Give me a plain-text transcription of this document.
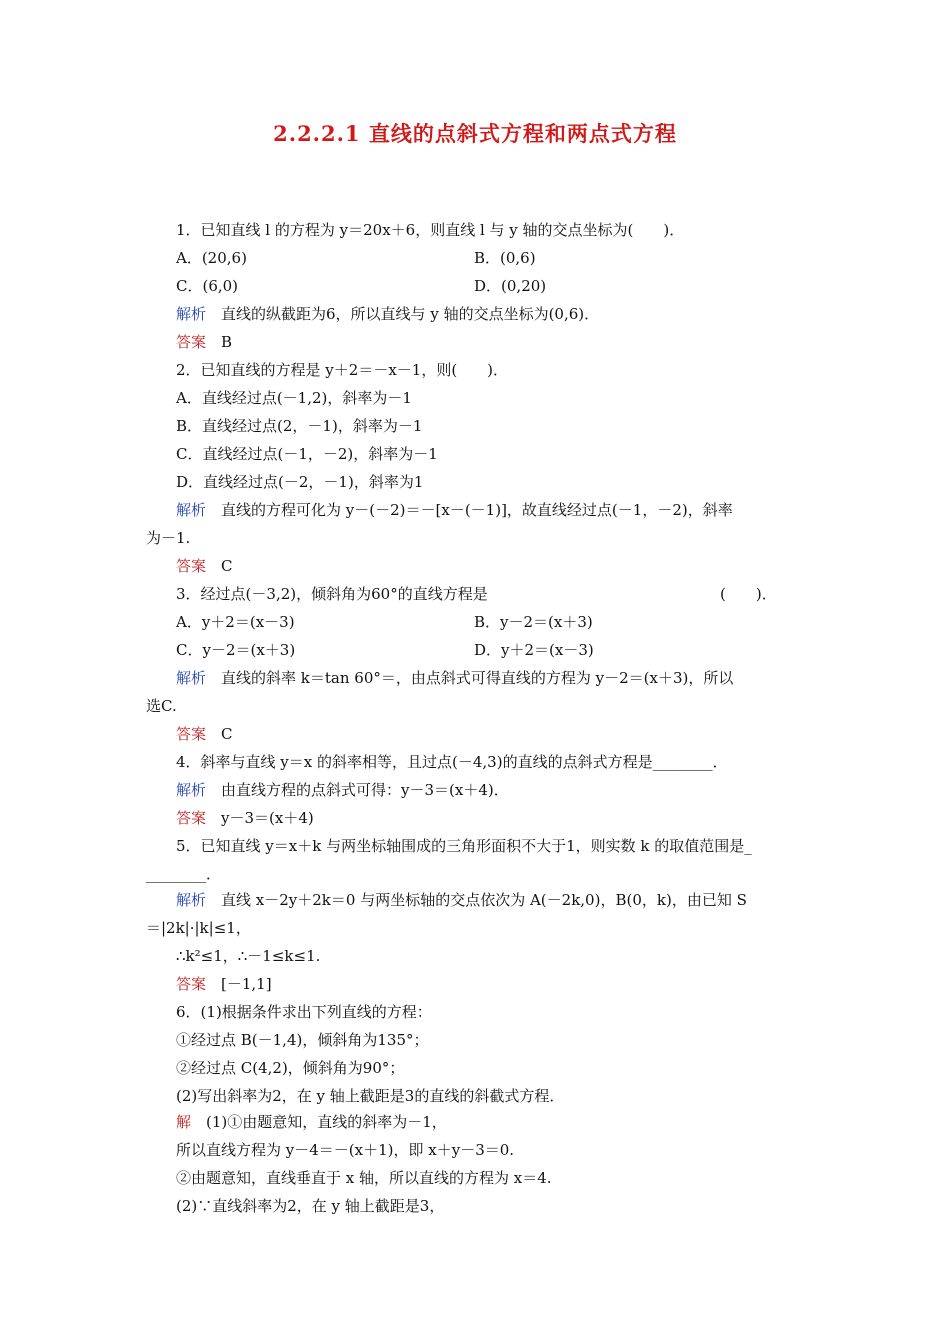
2.2.2.1 直线的点斜式方程和两点式方程
1．已知直线 l 的方程为 y＝20x＋6，则直线 l 与 y 轴的交点坐标为(　　)．
A．(20,6)	B．(0,6)
C．(6,0)	D．(0,20)
解析　直线的纵截距为6，所以直线与 y 轴的交点坐标为(0,6)．
答案　B
2．已知直线的方程是 y＋2＝－x－1，则(　　)．
A．直线经过点(－1,2)，斜率为－1
B．直线经过点(2，－1)，斜率为－1
C．直线经过点(－1，－2)，斜率为－1
D．直线经过点(－2，－1)，斜率为1
解析　直线的方程可化为 y－(－2)＝－[x－(－1)]，故直线经过点(－1，－2)，斜率
为－1.
答案　C
3．经过点(－3,2)，倾斜角为60°的直线方程是	(　　)．
A．y＋2＝(x－3)	B．y－2＝(x＋3)
C．y－2＝(x＋3)	D．y＋2＝(x－3)
解析　直线的斜率 k＝tan 60°＝，由点斜式可得直线的方程为 y－2＝(x＋3)，所以
选C.
答案　C
4．斜率与直线 y＝x 的斜率相等，且过点(－4,3)的直线的点斜式方程是________．
解析　由直线方程的点斜式可得：y－3＝(x＋4)．
答案　y－3＝(x＋4)
5．已知直线 y＝x＋k 与两坐标轴围成的三角形面积不大于1，则实数 k 的取值范围是_
________．
解析　直线 x－2y＋2k＝0 与两坐标轴的交点依次为 A(－2k,0)，B(0，k)，由已知 S
＝|2k|·|k|≤1，
∴k²≤1，∴－1≤k≤1.
答案　[－1,1]
6．(1)根据条件求出下列直线的方程：
①经过点 B(－1,4)，倾斜角为135°；
②经过点 C(4,2)，倾斜角为90°；
(2)写出斜率为2，在 y 轴上截距是3的直线的斜截式方程．
解　(1)①由题意知，直线的斜率为－1，
所以直线方程为 y－4＝－(x＋1)，即 x＋y－3＝0.
②由题意知，直线垂直于 x 轴，所以直线的方程为 x＝4.
(2)∵直线斜率为2，在 y 轴上截距是3，
